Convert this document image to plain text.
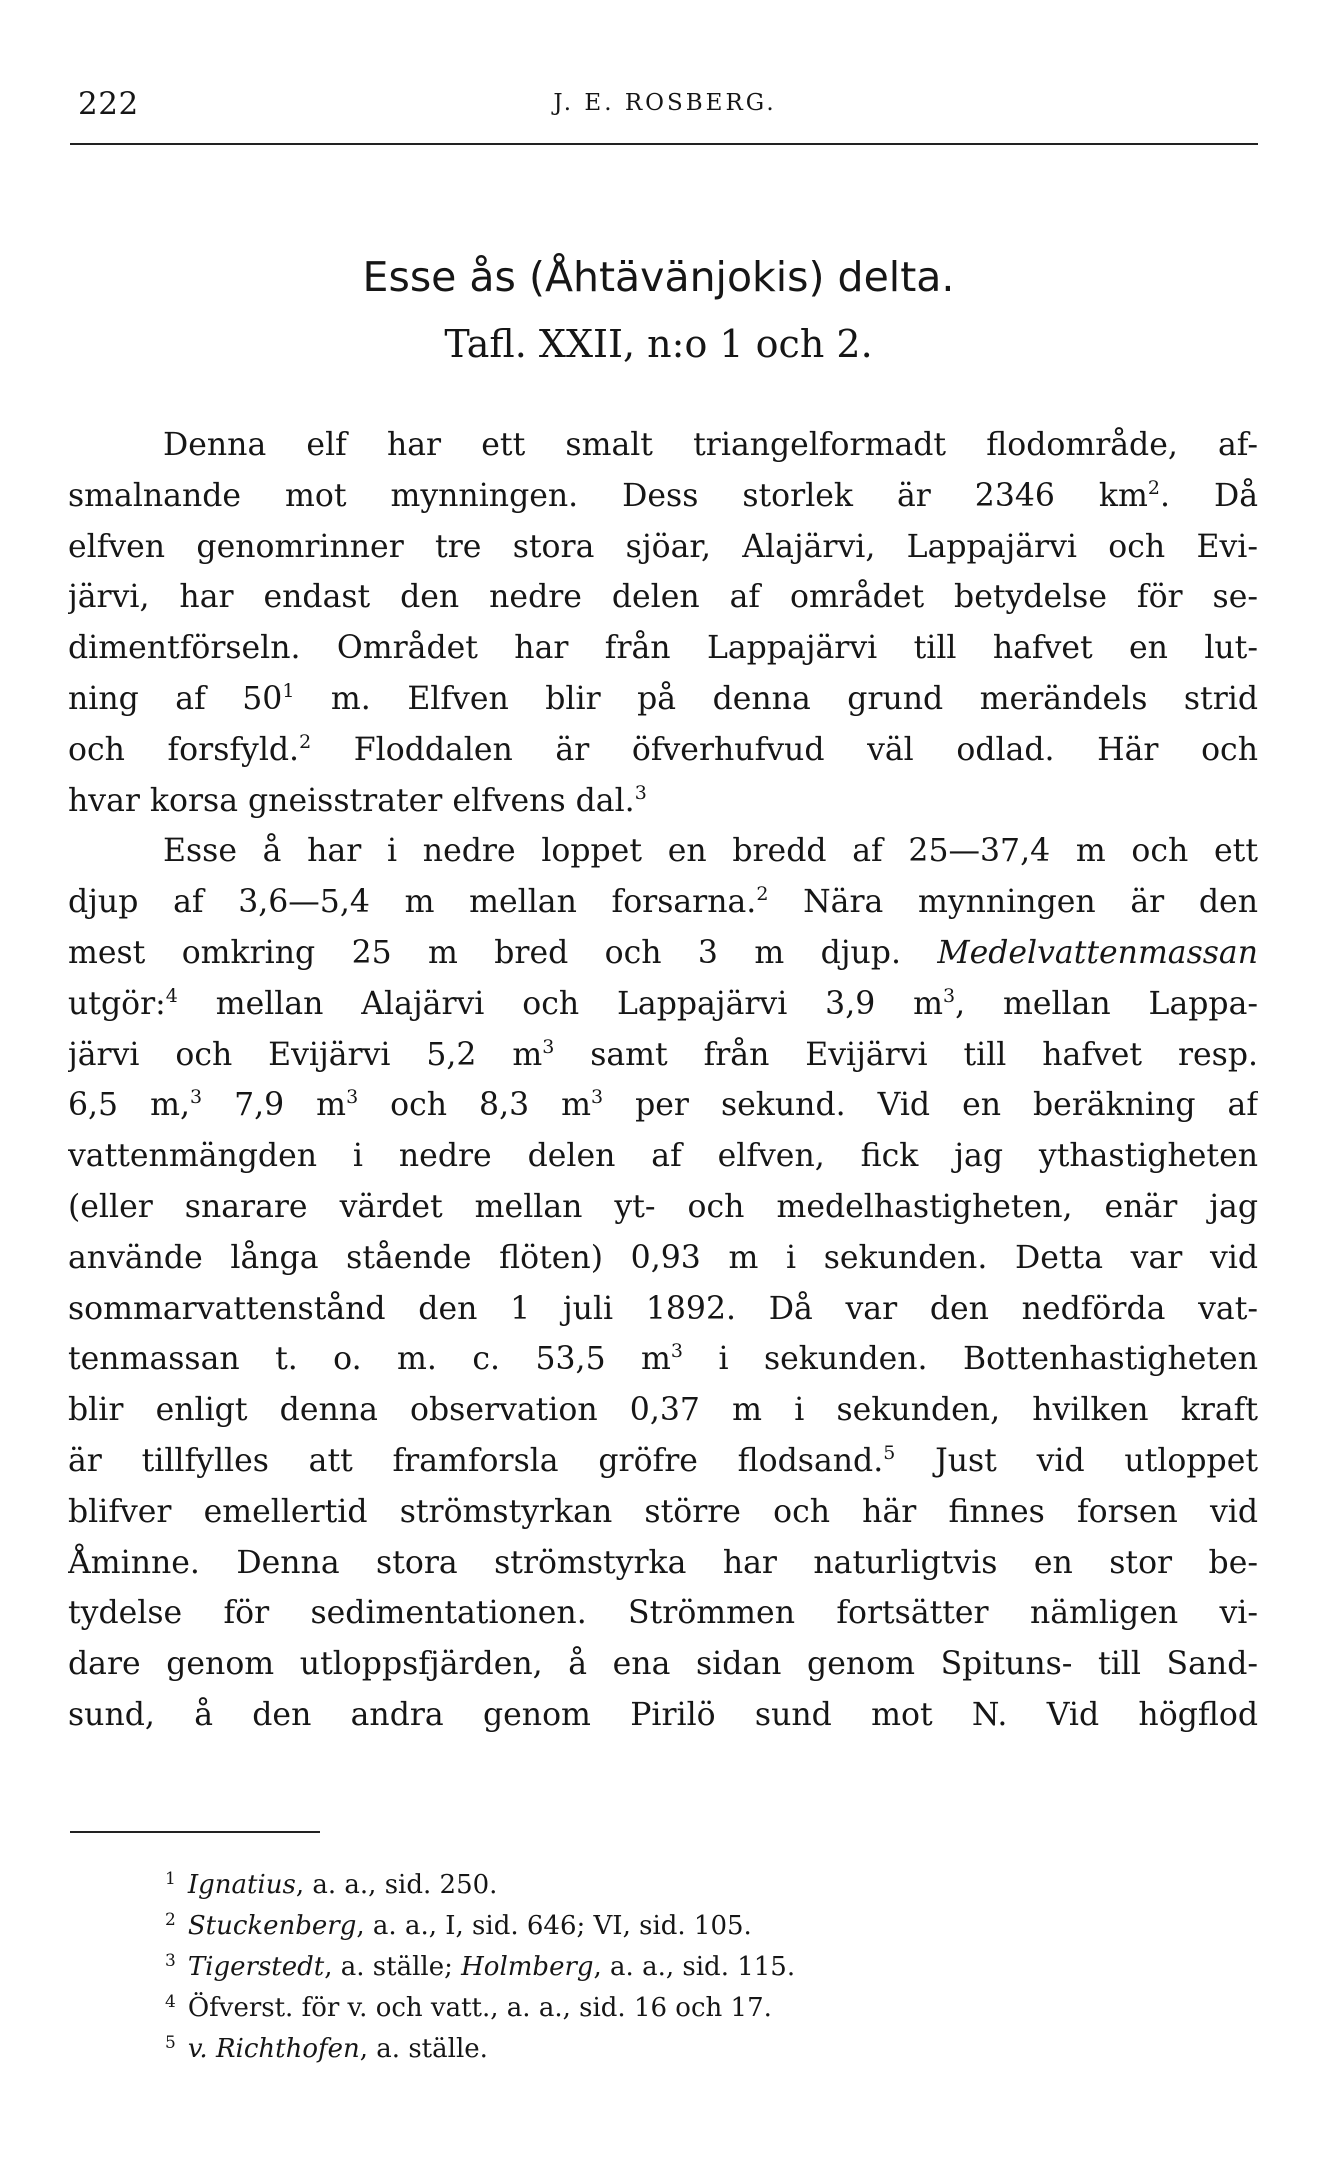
222	J. E. ROSBERG.
Esse ås (Åhtävänjokis) delta.
Tafl. XXII, n:o 1 och 2.
Denna elf har ett smalt triangelformadt flodområde, af-
smalnande mot mynningen. Dess storlek är 2346 $km^2$. Då
elfven genomrinner tre stora sjöar, Alajärvi, Lappajärvi och Evi-
järvi, har endast den nedre delen af området betydelse för se-
dimentförseln. Området har från Lappajärvi till hafvet en lut-
ning af $50^1$ m. Elfven blir på denna grund merändels strid
och forsfyld.$^2$ Floddalen är öfverhufvud väl odlad. Här och
hvar korsa gneisstrater elfvens dal.$^3$
Esse å har i nedre loppet en bredd af 25—37,4 m och ett
djup af 3,6—5,4 m mellan forsarna.$^2$ Nära mynningen är den
mest omkring 25 m bred och 3 m djup. Medelvattenmassan
utgör:$^4$ mellan Alajärvi och Lappajärvi 3,9 $m^3$, mellan Lappa-
järvi och Evijärvi 5,2 $m^3$ samt från Evijärvi till hafvet resp.
6,5 m,$^3$ 7,9 $m^3$ och 8,3 $m^3$ per sekund. Vid en beräkning af
vattenmängden i nedre delen af elfven, fick jag ythastigheten
(eller snarare värdet mellan yt- och medelhastigheten, enär jag
använde långa stående flöten) 0,93 m i sekunden. Detta var vid
sommarvattenstånd den 1 juli 1892. Då var den nedförda vat-
tenmassan t. o. m. c. 53,5 $m^3$ i sekunden. Bottenhastigheten
blir enligt denna observation 0,37 m i sekunden, hvilken kraft
är tillfylles att framforsla gröfre flodsand.$^5$ Just vid utloppet
blifver emellertid strömstyrkan större och här finnes forsen vid
Åminne. Denna stora strömstyrka har naturligtvis en stor be-
tydelse för sedimentationen. Strömmen fortsätter nämligen vi-
dare genom utloppsfjärden, å ena sidan genom Spituns- till Sand-
sund, å den andra genom Pirilö sund mot N. Vid högflod
$^1$ Ignatius, a. a., sid. 250.
$^2$ Stuckenberg, a. a., I, sid. 646; VI, sid. 105.
$^3$ Tigerstedt, a. ställe; Holmberg, a. a., sid. 115.
$^4$ Öfverst. för v. och vatt., a. a., sid. 16 och 17.
$^5$ v. Richthofen, a. ställe.
